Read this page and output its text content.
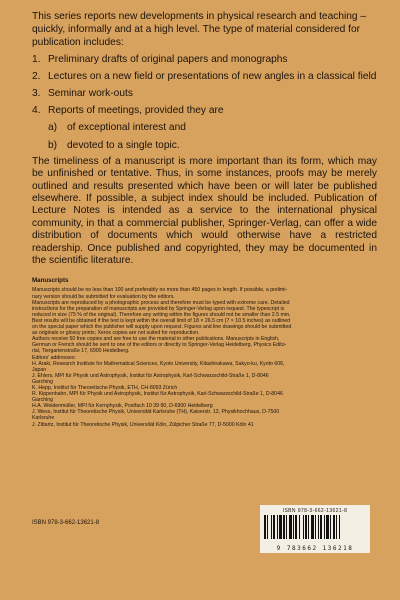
This series reports new developments in physical research and teaching – quickly, informally and at a high level. The type of material considered for publication includes:

1. Preliminary drafts of original papers and monographs
2. Lectures on a new field or presentations of new angles in a classical field
3. Seminar work-outs
4. Reports of meetings, provided they are
a) of exceptional interest and
b) devoted to a single topic.

The timeliness of a manuscript is more important than its form, which may be unfinished or tentative. Thus, in some instances, proofs may be merely outlined and results presented which have been or will later be published elsewhere. If possible, a subject index should be included. Publication of Lecture Notes is intended as a service to the international physical community, in that a commercial publisher, Springer-Verlag, can offer a wide distribution of documents which would otherwise have a restricted readership. Once published and copyrighted, they may be documented in the scientific literature.

Manuscripts

Manuscripts should be no less than 100 and preferably no more than 450 pages in length. If possible, a prelimi-

nary version should be submitted for evaluation by the editors.

Manuscripts are reproduced by a photographic process and therefore must be typed with extreme care. Detailed

instructions for the preparation of manuscripts are provided by Springer-Verlag upon request. The typescript is

reduced in size (75 % of the original). Therefore any writing within the figures should not be smaller than 2.5 mm.

Best results will be obtained if the text is kept within the overall limit of 18 × 26.5 cm (7 × 10.5 inches) as outlined

on the special paper which the publisher will supply upon request. Figures and line drawings should be submitted

as originals or glossy prints; Xerox copies are not suited for reproduction.

Authors receive 50 free copies and are free to use the material in other publications. Manuscripts in English,

German or French should be sent to one of the editors or directly to Springer-Verlag Heidelberg, Physics Edito-

rial, Tiergartenstraße 17, 6900 Heidelberg.

Editors' addresses:

H. Araki, Research Institute for Mathematical Sciences, Kyoto University, Kitashirakawa, Sakyo-ku, Kyoto 606,

Japan

J. Ehlers, MPI für Physik und Astrophysik, Institut für Astrophysik, Karl-Schwarzschild-Straße 1, D-8046

Garching

K. Hepp, Institut für Theoretische Physik, ETH, CH-8093 Zürich

R. Kippenhahn, MPI für Physik und Astrophysik, Institut für Astrophysik, Karl-Schwarzschild-Straße 1, D-8046

Garching

H.A. Weidenmüller, MPI für Kernphysik, Postfach 10 39 80, D-6900 Heidelberg

J. Wess, Institut für Theoretische Physik, Universität Karlsruhe (TH), Kaiserstr. 12, Physikhochhaus, D-7500

Karlsruhe

J. Zittartz, Institut für Theoretische Physik, Universität Köln, Zülpicher Straße 77, D-5000 Köln 41

ISBN 978-3-662-13621-8
ISBN 978-3-662-13621-8
9 783662 136218
